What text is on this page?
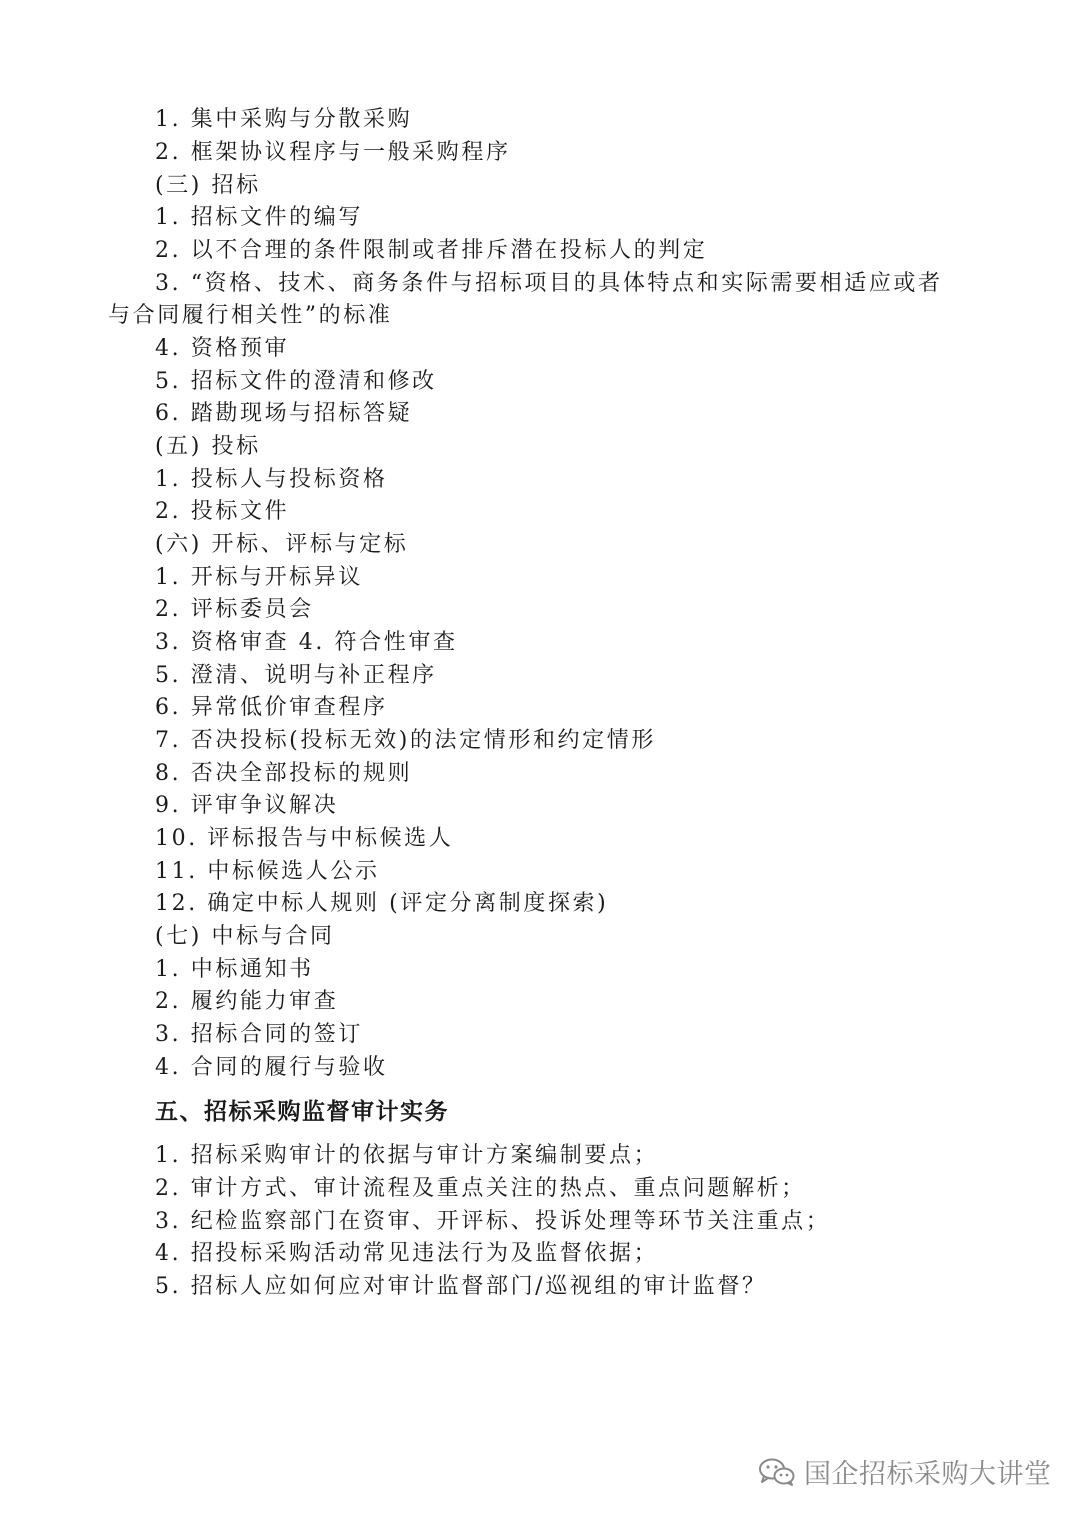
1. 集中采购与分散采购
2. 框架协议程序与一般采购程序
(三) 招标
1. 招标文件的编写
2. 以不合理的条件限制或者排斥潜在投标人的判定
3. “资格、技术、商务条件与招标项目的具体特点和实际需要相适应或者
与合同履行相关性”的标准
4. 资格预审
5. 招标文件的澄清和修改
6. 踏勘现场与招标答疑
(五) 投标
1. 投标人与投标资格
2. 投标文件
(六) 开标、评标与定标
1. 开标与开标异议
2. 评标委员会
3. 资格审查 4. 符合性审查
5. 澄清、说明与补正程序
6. 异常低价审查程序
7. 否决投标(投标无效)的法定情形和约定情形
8. 否决全部投标的规则
9. 评审争议解决
10. 评标报告与中标候选人
11. 中标候选人公示
12. 确定中标人规则 (评定分离制度探索)
(七) 中标与合同
1. 中标通知书
2. 履约能力审查
3. 招标合同的签订
4. 合同的履行与验收
五、招标采购监督审计实务
1. 招标采购审计的依据与审计方案编制要点；
2. 审计方式、审计流程及重点关注的热点、重点问题解析；
3. 纪检监察部门在资审、开评标、投诉处理等环节关注重点；
4. 招投标采购活动常见违法行为及监督依据；
5. 招标人应如何应对审计监督部门/巡视组的审计监督？
国企招标采购大讲堂
